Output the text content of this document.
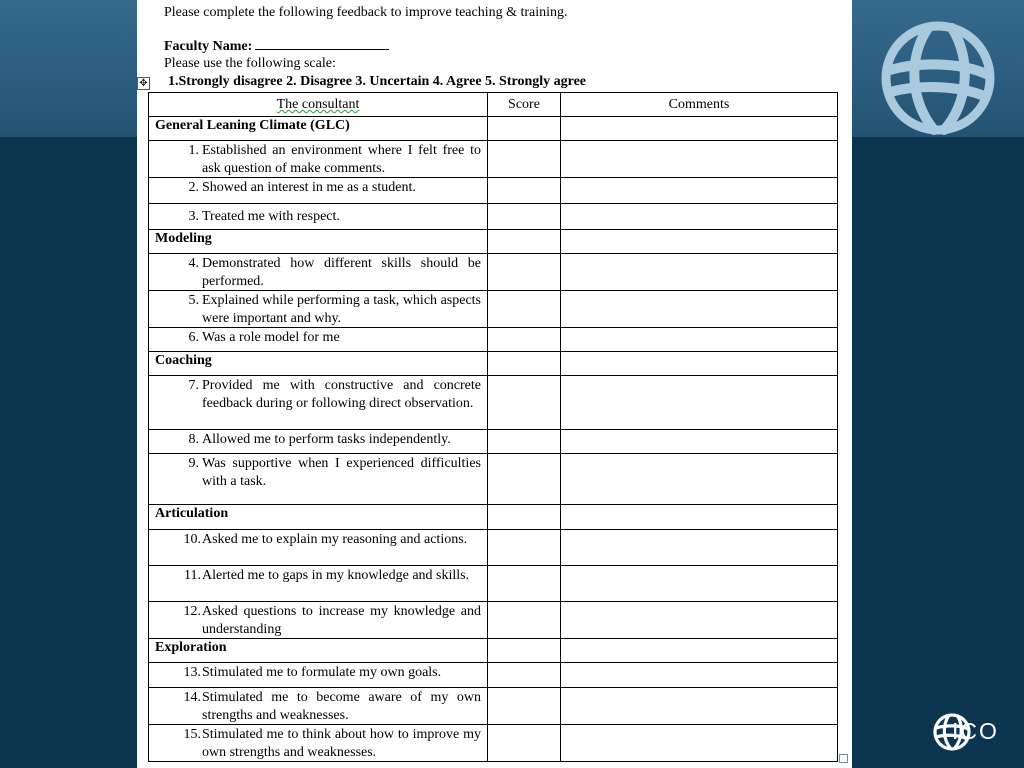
ICO
Please complete the following feedback to improve teaching & training.
Faculty Name:
Please use the following scale:
1.Strongly disagree 2. Disagree 3. Uncertain 4. Agree 5. Strongly agree
✥
The consultant	Score	Comments
General Leaning Climate (GLC)		

1. Established an environment where I felt free to ask question of make comments.		

2. Showed an interest in me as a student.		

3. Treated me with respect.		
Modeling		

4. Demonstrated how different skills should be performed.		

5. Explained while performing a task, which aspects were important and why.		

6. Was a role model for me		
Coaching		

7. Provided me with constructive and concrete feedback during or following direct observation.		

8. Allowed me to perform tasks independently.		

9. Was supportive when I experienced difficulties with a task.		
Articulation		

10. Asked me to explain my reasoning and actions.		

11. Alerted me to gaps in my knowledge and skills.		

12. Asked questions to increase my knowledge and understanding		
Exploration		

13. Stimulated me to formulate my own goals.		

14. Stimulated me to become aware of my own strengths and weaknesses.		

15. Stimulated me to think about how to improve my own strengths and weaknesses.		
